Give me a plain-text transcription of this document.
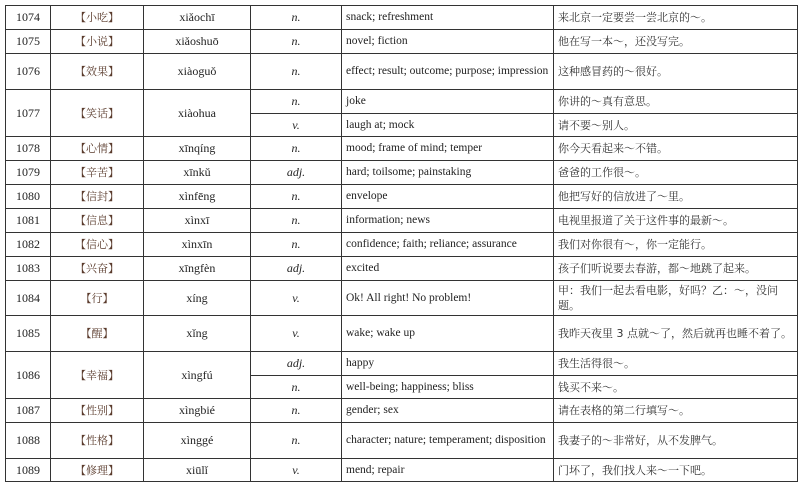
1074	【小吃】	xiǎochī	n.	snack; refreshment	来北京一定要尝一尝北京的～。
1075	【小说】	xiǎoshuō	n.	novel; fiction	他在写一本～，还没写完。
1076	【效果】	xiàoguǒ	n.	effect; result; outcome; purpose; impression	这种感冒药的～很好。
1077	【笑话】	xiàohua	n.	joke	你讲的～真有意思。
			v.	laugh at; mock	请不要～别人。
1078	【心情】	xīnqíng	n.	mood; frame of mind; temper	你今天看起来～不错。
1079	【辛苦】	xīnkǔ	adj.	hard; toilsome; painstaking	爸爸的工作很～。
1080	【信封】	xìnfēng	n.	envelope	他把写好的信放进了～里。
1081	【信息】	xìnxī	n.	information; news	电视里报道了关于这件事的最新～。
1082	【信心】	xìnxīn	n.	confidence; faith; reliance; assurance	我们对你很有～，你一定能行。
1083	【兴奋】	xīngfèn	adj.	excited	孩子们听说要去春游，都～地跳了起来。
1084	【行】	xíng	v.	Ok! All right! No problem!	甲：我们一起去看电影，好吗？乙：～，没问题。
1085	【醒】	xǐng	v.	wake; wake up	我昨天夜里 3 点就～了，然后就再也睡不着了。
1086	【幸福】	xìngfú	adj.	happy	我生活得很～。
			n.	well-being; happiness; bliss	钱买不来～。
1087	【性别】	xìngbié	n.	gender; sex	请在表格的第二行填写～。
1088	【性格】	xìnggé	n.	character; nature; temperament; disposition	我妻子的～非常好，从不发脾气。
1089	【修理】	xiūlǐ	v.	mend; repair	门坏了，我们找人来～一下吧。
